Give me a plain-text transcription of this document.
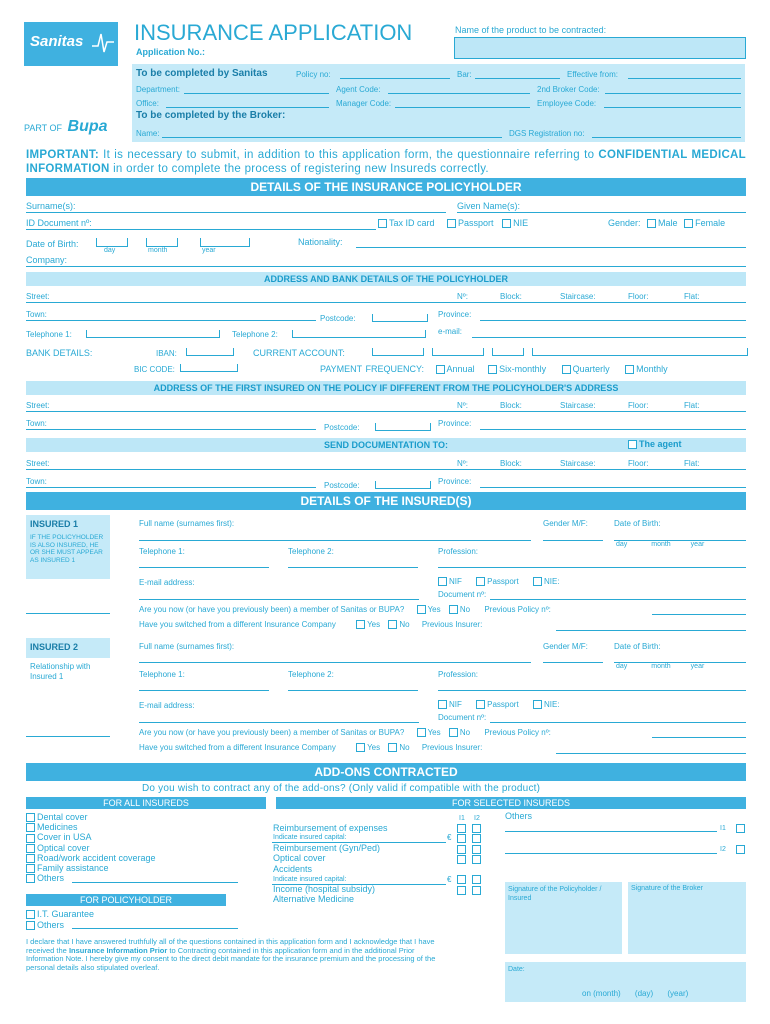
Sanitas
PART OF Bupa
INSURANCE APPLICATION	Name of the product to be contracted:
Application No.:
To be completed by Sanitas	Policy no:	Bar:	Effective from:
Department:	Agent Code:	2nd Broker Code:
Office:	Manager Code:	Employee Code:
To be completed by the Broker:
Name:	DGS Registration no:
IMPORTANT: It is necessary to submit, in addition to this application form, the questionnaire referring to CONFIDENTIAL MEDICAL INFORMATION in order to complete the process of registering new Insureds correctly.
DETAILS OF THE INSURANCE POLICYHOLDER
Surname(s):	Given Name(s):
ID Document nº:	Tax ID card	Passport NIE	Gender: Male Female
Date of Birth:
day	month	year
Nationality:
Company:
ADDRESS AND BANK DETAILS OF THE POLICYHOLDER
Street:	Nº:	Block:	Staircase:	Floor:	Flat:
Town:	Postcode:	Province:
Telephone 1:	Telephone 2:	e-mail:
BANK DETAILS:	IBAN:	CURRENT ACCOUNT:
BIC CODE:	PAYMENT FREQUENCY:	Annual	Six-monthly	Quarterly	Monthly
ADDRESS OF THE FIRST INSURED ON THE POLICY IF DIFFERENT FROM THE POLICYHOLDER'S ADDRESS
Street:	Nº:	Block:	Staircase:	Floor:	Flat:
Town:	Postcode:	Province:
SEND DOCUMENTATION TO:	The agent
Street:	Nº:	Block:	Staircase:	Floor:	Flat:
Town:	Postcode:	Province:
DETAILS OF THE INSURED(S)
INSURED 1
IF THE POLICYHOLDER IS ALSO INSURED, HE OR SHE MUST APPEAR AS INSURED 1
Full name (surnames first):	Gender M/F:	Date of Birth:
day	month	year
Telephone 1:	Telephone 2:	Profession:
E-mail address:	NIF	Passport	NIE:
Document nº:
Are you now (or have you previously been) a member of Sanitas or BUPA?	Yes No Previous Policy nº:
Have you switched from a different Insurance Company	Yes No Previous Insurer:
INSURED 2
Relationship with Insured 1
Full name (surnames first):	Gender M/F:	Date of Birth:
day	month	year
Telephone 1:	Telephone 2:	Profession:
E-mail address:	NIF	Passport	NIE:
Document nº:
Are you now (or have you previously been) a member of Sanitas or BUPA?	Yes No Previous Policy nº:
Have you switched from a different Insurance Company	Yes No Previous Insurer:
ADD-ONS CONTRACTED
Do you wish to contract any of the add-ons? (Only valid if compatible with the product)
FOR ALL INSUREDS	FOR SELECTED INSUREDS
Dental cover
Medicines
Cover in USA
Optical cover
Road/work accident coverage
Family assistance
Others
FOR POLICYHOLDER
I.T. Guarantee
Others
I1 I2	Others
Reimbursement of expenses
Indicate insured capital:	€
Reimbursement (Gyn/Ped)
Optical cover
Accidents
Indicate insured capital:	€
Income (hospital subsidy)
Alternative Medicine
I1
I2
Signature of the Policyholder / Insured
Signature of the Broker
Date:
on (month) (day) (year)
I declare that I have answered truthfully all of the questions contained in this application form and I acknowledge that I have received the Insurance Information Prior to Contracting contained in this application form and in the additional Prior Information Note. I hereby give my consent to the direct debit mandate for the insurance premium and the processing of the personal details also stipulated overleaf.
